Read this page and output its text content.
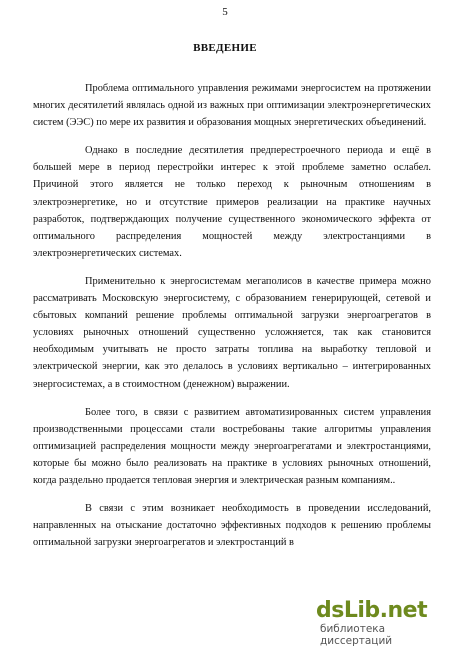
5
ВВЕДЕНИЕ

Проблема оптимального управления режимами энергосистем на протяжении многих десятилетий являлась одной из важных при оптимизации электроэнергетических систем (ЭЭС) по мере их развития и образования мощных энергетических объединений.

Однако в последние десятилетия предперестроечного периода и ещё в большей мере в период перестройки интерес к этой проблеме заметно ослабел. Причиной этого является не только переход к рыночным отношениям в электроэнергетике, но и отсутствие примеров реализации на практике научных разработок, подтверждающих получение существенного экономического эффекта от оптимального распределения мощностей между электростанциями в электроэнергетических системах.

Применительно к энергосистемам мегаполисов в качестве примера можно рассматривать Московскую энергосистему, с образованием генерирующей, сетевой и сбытовых компаний решение проблемы оптимальной загрузки энергоагрегатов в условиях рыночных отношений существенно усложняется, так как становится необходимым учитывать не просто затраты топлива на выработку тепловой и электрической энергии, как это делалось в условиях вертикально – интегрированных энергосистемах, а в стоимостном (денежном) выражении.

Более того, в связи с развитием автоматизированных систем управления производственными процессами стали востребованы такие алгоритмы управления оптимизацией распределения мощности между энергоагрегатами и электростанциями, которые бы можно было реализовать на практике в условиях рыночных отношений, когда раздельно продается тепловая энергия и электрическая разным компаниям..

В связи с этим возникает необходимость в проведении исследований, направленных на отыскание достаточно эффективных подходов к решению проблемы оптимальной загрузки энергоагрегатов и электростанций в

dsLib.net
библиотека диссертаций
